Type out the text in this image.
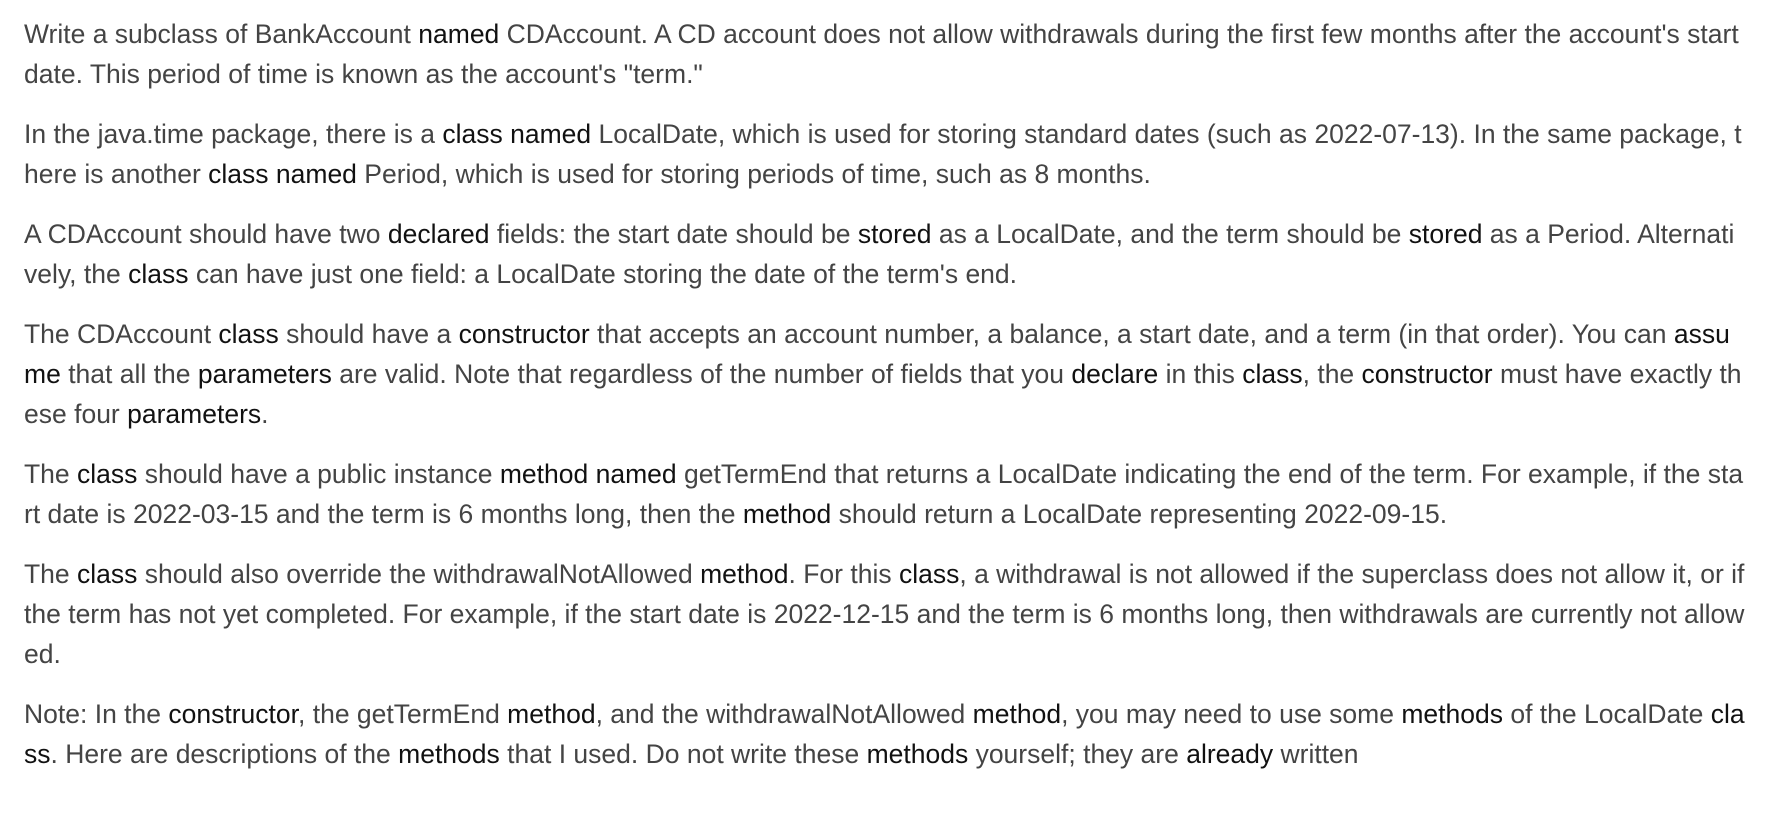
Write a subclass of BankAccount named CDAccount. A CD account does not allow withdrawals during the first few months after the account's start date. This period of time is known as the account's "term."

In the java.time package, there is a class named LocalDate, which is used for storing standard dates (such as 2022-07-13). In the same package, there is another class named Period, which is used for storing periods of time, such as 8 months.

A CDAccount should have two declared fields: the start date should be stored as a LocalDate, and the term should be stored as a Period. Alternatively, the class can have just one field: a LocalDate storing the date of the term's end.

The CDAccount class should have a constructor that accepts an account number, a balance, a start date, and a term (in that order). You can assume that all the parameters are valid. Note that regardless of the number of fields that you declare in this class, the constructor must have exactly these four parameters.

The class should have a public instance method named getTermEnd that returns a LocalDate indicating the end of the term. For example, if the start date is 2022-03-15 and the term is 6 months long, then the method should return a LocalDate representing 2022-09-15.

The class should also override the withdrawalNotAllowed method. For this class, a withdrawal is not allowed if the superclass does not allow it, or if the term has not yet completed. For example, if the start date is 2022-12-15 and the term is 6 months long, then withdrawals are currently not allowed.

Note: In the constructor, the getTermEnd method, and the withdrawalNotAllowed method, you may need to use some methods of the LocalDate class. Here are descriptions of the methods that I used. Do not write these methods yourself; they are already written
